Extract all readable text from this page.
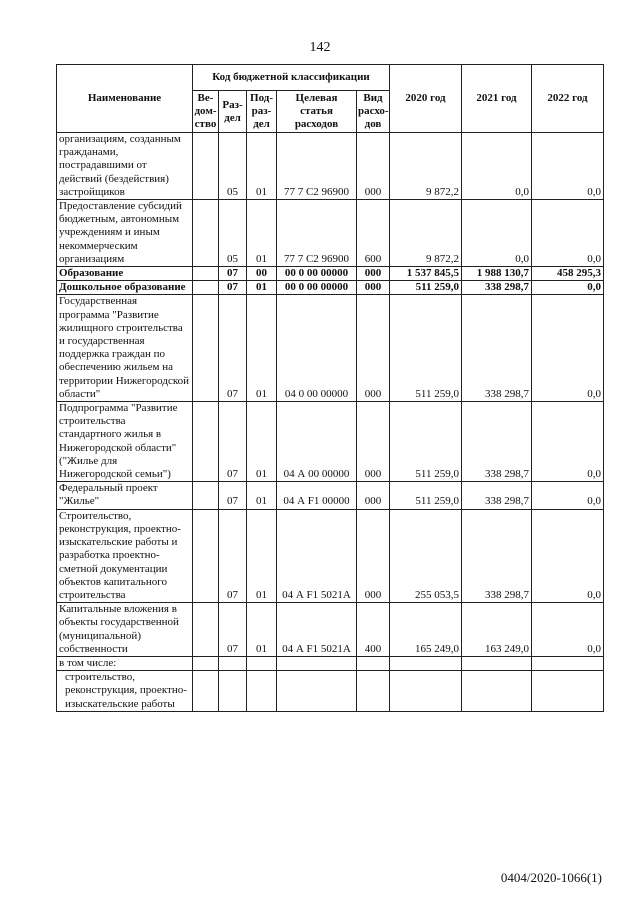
142
Наименование	Код бюджетной классификации					2020 год	2021 год	2022 год
	Ве-дом-ство	Раз-дел	Под-раз-дел	Целевая статья расходов	Вид расхо-дов			
организациям, созданным гражданами, пострадавшими от действий (бездействия) застройщиков		05	01	77 7 С2 96900	000	9 872,2	0,0	0,0
Предоставление субсидий бюджетным, автономным учреждениям и иным некоммерческим организациям		05	01	77 7 С2 96900	600	9 872,2	0,0	0,0
Образование		07	00	00 0 00 00000	000	1 537 845,5	1 988 130,7	458 295,3
Дошкольное образование		07	01	00 0 00 00000	000	511 259,0	338 298,7	0,0
Государственная программа "Развитие жилищного строительства и государственная поддержка граждан по обеспечению жильем на территории Нижегородской области"		07	01	04 0 00 00000	000	511 259,0	338 298,7	0,0
Подпрограмма "Развитие строительства стандартного жилья в Нижегородской области" ("Жилье для Нижегородской семьи")		07	01	04 А 00 00000	000	511 259,0	338 298,7	0,0
Федеральный проект "Жилье"		07	01	04 А F1 00000	000	511 259,0	338 298,7	0,0
Строительство, реконструкция, проектно-изыскательские работы и разработка проектно-сметной документации объектов капитального строительства		07	01	04 А F1 5021А	000	255 053,5	338 298,7	0,0
Капитальные вложения в объекты государственной (муниципальной) собственности		07	01	04 А F1 5021А	400	165 249,0	163 249,0	0,0
в том числе:								
строительство, реконструкция, проектно-изыскательские работы								
0404/2020-1066(1)
